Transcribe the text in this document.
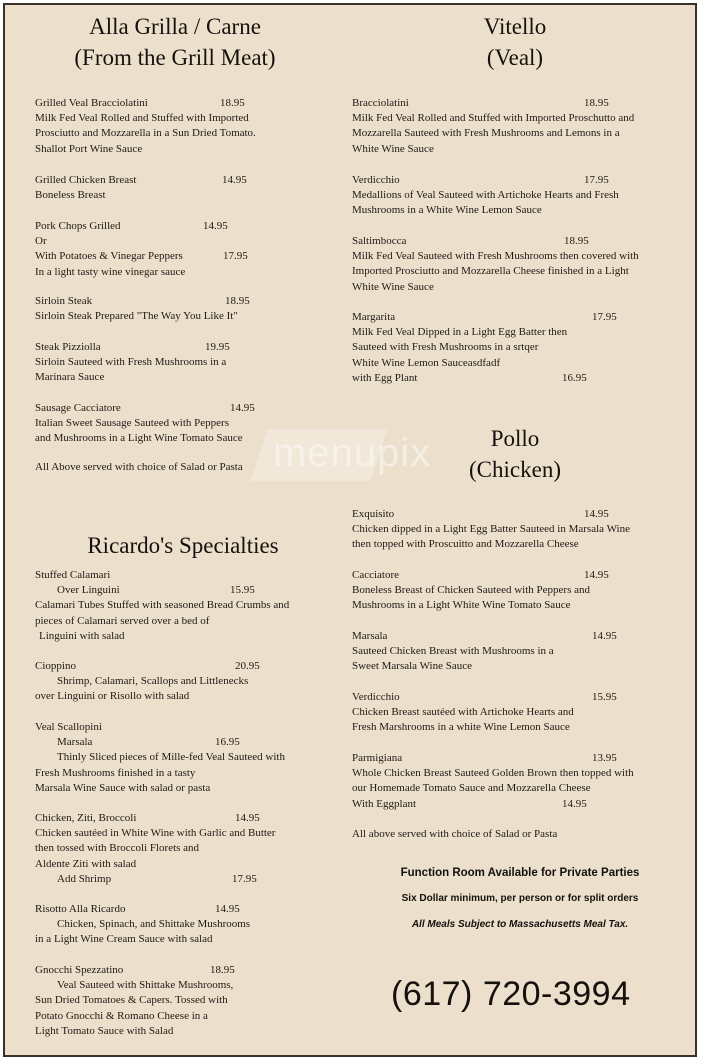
Alla Grilla / Carne
(From the Grill Meat)
Grilled Veal Bracciolatini	18.95
Milk Fed Veal Rolled and Stuffed with Imported
Prosciutto and Mozzarella in a Sun Dried Tomato.
Shallot Port Wine Sauce
Grilled Chicken Breast	14.95
Boneless Breast
Pork Chops Grilled	14.95
Or
With Potatoes & Vinegar Peppers	17.95
In a light tasty wine vinegar sauce
Sirloin Steak	18.95
Sirloin Steak Prepared "The Way You Like It"
Steak Pizziolla	19.95
Sirloin Sauteed with Fresh Mushrooms in a
Marinara Sauce
Sausage Cacciatore	14.95
Italian Sweet Sausage Sauteed with Peppers
and Mushrooms in a Light Wine Tomato Sauce
All Above served with choice of Salad or Pasta
Ricardo's Specialties
Stuffed Calamari
Over Linguini	15.95
Calamari Tubes Stuffed with seasoned Bread Crumbs and
pieces of Calamari served over a bed of
Linguini with salad
Cioppino	20.95
Shrimp, Calamari, Scallops and Littlenecks
over Linguini or Risollo with salad
Veal Scallopini
Marsala	16.95
Thinly Sliced pieces of Mille-fed Veal Sauteed with
Fresh Mushrooms finished in a tasty
Marsala Wine Sauce with salad or pasta
Chicken, Ziti, Broccoli	14.95
Chicken sautéed in White Wine with Garlic and Butter
then tossed with Broccoli Florets and
Aldente Ziti with salad
Add Shrimp	17.95
Risotto Alla Ricardo	14.95
Chicken, Spinach, and Shittake Mushrooms
in a Light Wine Cream Sauce with salad
Gnocchi Spezzatino	18.95
Veal Sauteed with Shittake Mushrooms,
Sun Dried Tomatoes & Capers. Tossed with
Potato Gnocchi & Romano Cheese in a
Light Tomato Sauce with Salad
Vitello
(Veal)
Bracciolatini	18.95
Milk Fed Veal Rolled and Stuffed with Imported Proschutto and
Mozzarella Sauteed with Fresh Mushrooms and Lemons in a
White Wine Sauce
Verdicchio	17.95
Medallions of Veal Sauteed with Artichoke Hearts and Fresh
Mushrooms in a White Wine Lemon Sauce
Saltimbocca	18.95
Milk Fed Veal Sauteed with Fresh Mushrooms then covered with
Imported Prosciutto and Mozzarella Cheese finished in a Light
White Wine Sauce
Margarita	17.95
Milk Fed Veal Dipped in a Light Egg Batter then
Sauteed with Fresh Mushrooms in a srtqer
White Wine Lemon Sauceasdfadf
with Egg Plant	16.95
Pollo
(Chicken)
Exquisito	14.95
Chicken dipped in a Light Egg Batter Sauteed in Marsala Wine
then topped with Proscuitto and Mozzarella Cheese
Cacciatore	14.95
Boneless Breast of Chicken Sauteed with Peppers and
Mushrooms in a Light White Wine Tomato Sauce
Marsala	14.95
Sauteed Chicken Breast with Mushrooms in a
Sweet Marsala Wine Sauce
Verdicchio	15.95
Chicken Breast sautéed with Artichoke Hearts and
Fresh Marshrooms in a white Wine Lemon Sauce
Parmigiana	13.95
Whole Chicken Breast Sauteed Golden Brown then topped with
our Homemade Tomato Sauce and Mozzarella Cheese
With Eggplant	14.95
All above served with choice of Salad or Pasta
Function Room Available for Private Parties
Six Dollar minimum, per person or for split orders
All Meals Subject to Massachusetts Meal Tax.
(617) 720-3994
menupix
